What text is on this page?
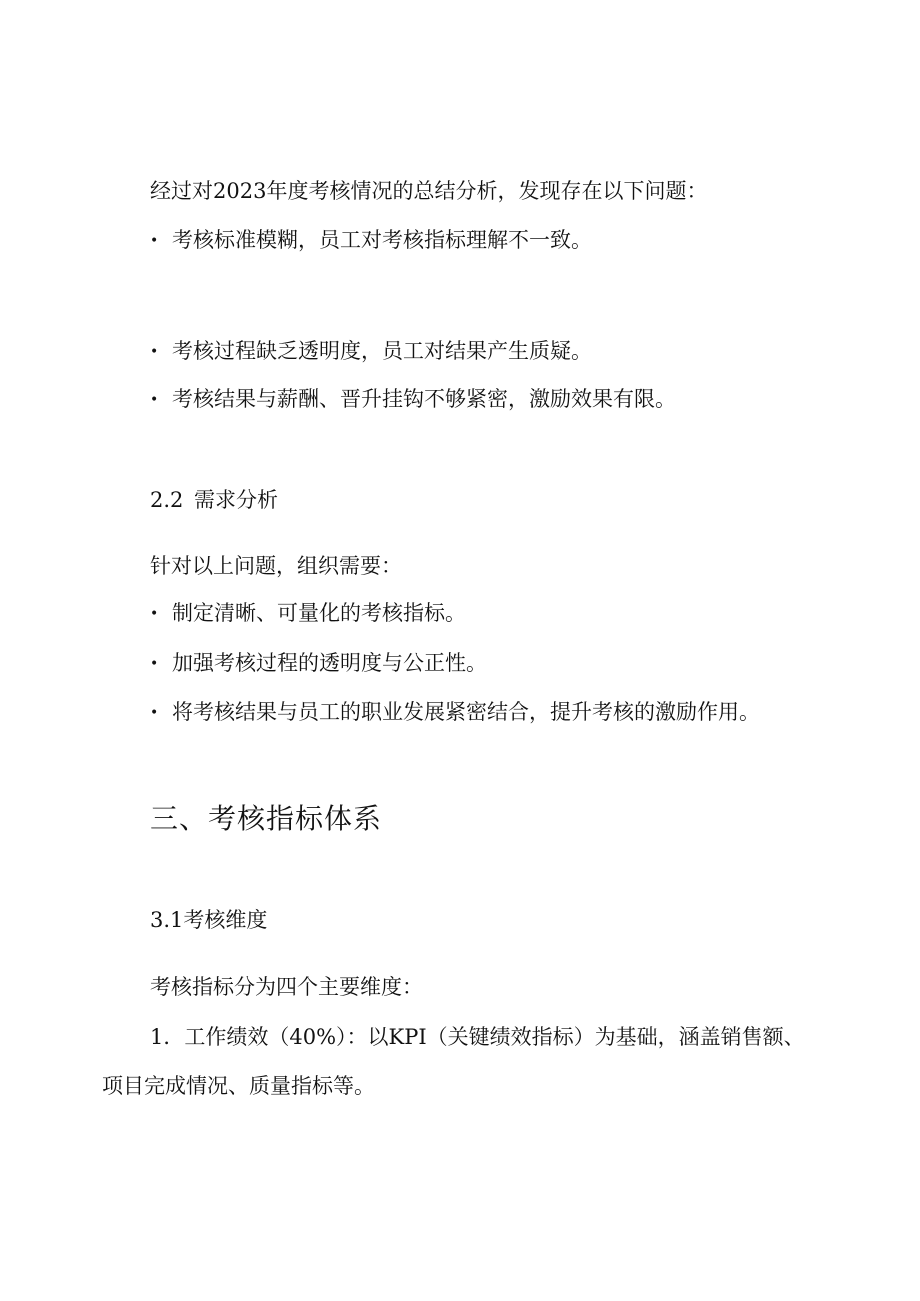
经过对2023年度考核情况的总结分析，发现存在以下问题：
• 考核标准模糊，员工对考核指标理解不一致。
• 考核过程缺乏透明度，员工对结果产生质疑。
• 考核结果与薪酬、晋升挂钩不够紧密，激励效果有限。
2.2 需求分析
针对以上问题，组织需要：
• 制定清晰、可量化的考核指标。
• 加强考核过程的透明度与公正性。
• 将考核结果与员工的职业发展紧密结合，提升考核的激励作用。
三、考核指标体系
3.1考核维度
考核指标分为四个主要维度：
1．工作绩效（40%）：以KPI（关键绩效指标）为基础，涵盖销售额、
项目完成情况、质量指标等。
